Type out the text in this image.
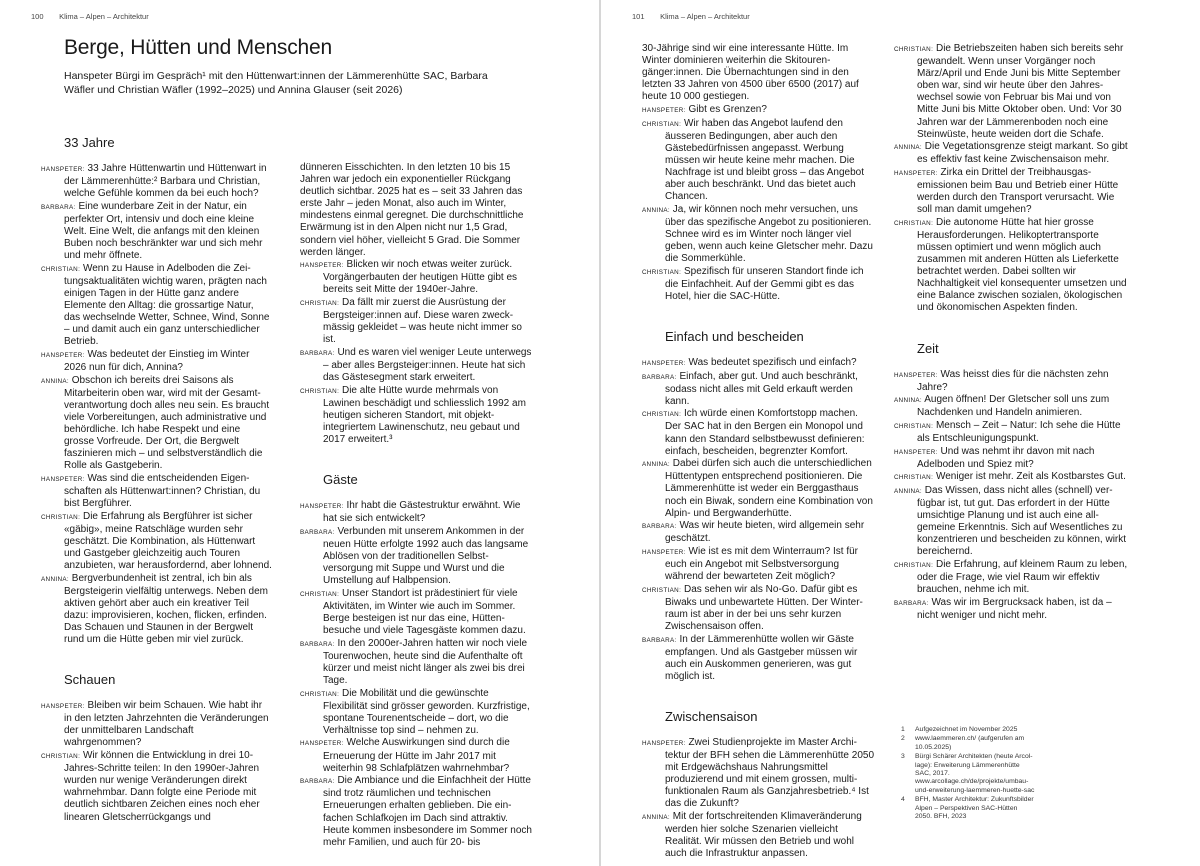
100 Klima – Alpen – Architektur
Berge, Hütten und Menschen

Hanspeter Bürgi im Gespräch¹ mit den Hüttenwart:innen der Lämmerenhütte SAC, Barbara Wäfler und Christian Wäfler (1992–2025) und Annina Glauser (seit 2026)

33 Jahre

HANSPETER: 33 Jahre Hüttenwartin und Hüttenwart in der Lämmerenhütte:² Barbara und Christian, welche Gefühle kommen da bei euch hoch?

BARBARA: Eine wunderbare Zeit in der Natur, ein perfekter Ort, intensiv und doch eine kleine Welt. Eine Welt, die anfangs mit den kleinen Buben noch beschränkter war und sich mehr und mehr öffnete.

CHRISTIAN: Wenn zu Hause in Adelboden die Zeitungsaktualitäten wichtig waren, prägten nach einigen Tagen in der Hütte ganz andere Elemente den Alltag: die grossartige Natur, das wechselnde Wetter, Schnee, Wind, Sonne – und damit auch ein ganz unterschiedlicher Betrieb.

HANSPETER: Was bedeutet der Einstieg im Winter 2026 nun für dich, Annina?

ANNINA: Obschon ich bereits drei Saisons als Mitarbeiterin oben war, wird mit der Gesamtverantwortung doch alles neu sein. Es braucht viele Vorbereitungen, auch administrative und behördliche. Ich habe Respekt und eine grosse Vorfreude. Der Ort, die Bergwelt faszinieren mich – und selbstverständlich die Rolle als Gastgeberin.

HANSPETER: Was sind die entscheidenden Eigenschaften als Hüttenwart:innen? Christian, du bist Bergführer.

CHRISTIAN: Die Erfahrung als Bergführer ist sicher «gäbig», meine Ratschläge wurden sehr geschätzt. Die Kombination, als Hüttenwart und Gastgeber gleichzeitig auch Touren anzubieten, war herausfordernd, aber lohnend.

ANNINA: Bergverbundenheit ist zentral, ich bin als Bergsteigerin vielfältig unterwegs. Neben dem aktiven gehört aber auch ein kreativer Teil dazu: improvisieren, kochen, flicken, erfinden. Das Schauen und Staunen in der Bergwelt rund um die Hütte geben mir viel zurück.

Schauen

HANSPETER: Bleiben wir beim Schauen. Wie habt ihr in den letzten Jahrzehnten die Veränderungen der unmittelbaren Landschaft wahrgenommen?

CHRISTIAN: Wir können die Entwicklung in drei 10-Jahres-Schritte teilen: In den 1990er-Jahren wurden nur wenige Veränderungen direkt wahrnehmbar. Dann folgte eine Periode mit deutlich sichtbaren Zeichen eines noch eher linearen Gletscherrückgangs und

dünneren Eisschichten. In den letzten 10 bis 15 Jahren war jedoch ein exponentieller Rückgang deutlich sichtbar. 2025 hat es – seit 33 Jahren das erste Jahr – jeden Monat, also auch im Winter, mindestens einmal geregnet. Die durchschnittliche Erwärmung ist in den Alpen nicht nur 1,5 Grad, sondern viel höher, vielleicht 5 Grad. Die Sommer werden länger.

HANSPETER: Blicken wir noch etwas weiter zurück. Vorgängerbauten der heutigen Hütte gibt es bereits seit Mitte der 1940er-Jahre.

CHRISTIAN: Da fällt mir zuerst die Ausrüstung der Bergsteiger:innen auf. Diese waren zweckmässig gekleidet – was heute nicht immer so ist.

BARBARA: Und es waren viel weniger Leute unterwegs – aber alles Bergsteiger:innen. Heute hat sich das Gästesegment stark erweitert.

CHRISTIAN: Die alte Hütte wurde mehrmals von Lawinen beschädigt und schliesslich 1992 am heutigen sicheren Standort, mit objektintegriertem Lawinenschutz, neu gebaut und 2017 erweitert.³

Gäste

HANSPETER: Ihr habt die Gästestruktur erwähnt. Wie hat sie sich entwickelt?

BARBARA: Verbunden mit unserem Ankommen in der neuen Hütte erfolgte 1992 auch das langsame Ablösen von der traditionellen Selbstversorgung mit Suppe und Wurst und die Umstellung auf Halbpension.

CHRISTIAN: Unser Standort ist prädestiniert für viele Aktivitäten, im Winter wie auch im Sommer. Berge besteigen ist nur das eine, Hüttenbesuche und viele Tagesgäste kommen dazu.

BARBARA: In den 2000er-Jahren hatten wir noch viele Tourenwochen, heute sind die Aufenthalte oft kürzer und meist nicht länger als zwei bis drei Tage.

CHRISTIAN: Die Mobilität und die gewünschte Flexibilität sind grösser geworden. Kurzfristige, spontane Tourenentscheide – dort, wo die Verhältnisse top sind – nehmen zu.

HANSPETER: Welche Auswirkungen sind durch die Erneuerung der Hütte im Jahr 2017 mit weiterhin 98 Schlafplätzen wahrnehmbar?

BARBARA: Die Ambiance und die Einfachheit der Hütte sind trotz räumlichen und technischen Erneuerungen erhalten geblieben. Die einfachen Schlafkojen im Dach sind attraktiv. Heute kommen insbesondere im Sommer noch mehr Familien, und auch für 20- bis

101 Klima – Alpen – Architektur

30-Jährige sind wir eine interessante Hütte. Im Winter dominieren weiterhin die Skitourengänger:innen. Die Übernachtungen sind in den letzten 33 Jahren von 4500 über 6500 (2017) auf heute 10 000 gestiegen.

HANSPETER: Gibt es Grenzen?

CHRISTIAN: Wir haben das Angebot laufend den äusseren Bedingungen, aber auch den Gästebedürfnissen angepasst. Werbung müssen wir heute keine mehr machen. Die Nachfrage ist und bleibt gross – das Angebot aber auch beschränkt. Und das bietet auch Chancen.

ANNINA: Ja, wir können noch mehr versuchen, uns über das spezifische Angebot zu positionieren. Schnee wird es im Winter noch länger viel geben, wenn auch keine Gletscher mehr. Dazu die Sommerkühle.

CHRISTIAN: Spezifisch für unseren Standort finde ich die Einfachheit. Auf der Gemmi gibt es das Hotel, hier die SAC-Hütte.

Einfach und bescheiden

HANSPETER: Was bedeutet spezifisch und einfach?

BARBARA: Einfach, aber gut. Und auch beschränkt, sodass nicht alles mit Geld erkauft werden kann.

CHRISTIAN: Ich würde einen Komfortstopp machen. Der SAC hat in den Bergen ein Monopol und kann den Standard selbstbewusst definieren: einfach, bescheiden, begrenzter Komfort.

ANNINA: Dabei dürfen sich auch die unterschiedlichen Hüttentypen entsprechend positionieren. Die Lämmerenhütte ist weder ein Berggasthaus noch ein Biwak, sondern eine Kombination von Alpin- und Bergwanderhütte.

BARBARA: Was wir heute bieten, wird allgemein sehr geschätzt.

HANSPETER: Wie ist es mit dem Winterraum? Ist für euch ein Angebot mit Selbstversorgung während der bewarteten Zeit möglich?

CHRISTIAN: Das sehen wir als No-Go. Dafür gibt es Biwaks und unbewartete Hütten. Der Winterraum ist aber in der bei uns sehr kurzen Zwischensaison offen.

BARBARA: In der Lämmerenhütte wollen wir Gäste empfangen. Und als Gastgeber müssen wir auch ein Auskommen generieren, was gut möglich ist.

Zwischensaison

HANSPETER: Zwei Studienprojekte im Master Architektur der BFH sehen die Lämmerenhütte 2050 mit Erdgewächshaus Nahrungsmittel produzierend und mit einem grossen, multifunktionalen Raum als Ganzjahresbetrieb.⁴ Ist das die Zukunft?

ANNINA: Mit der fortschreitenden Klimaveränderung werden hier solche Szenarien vielleicht Realität. Wir müssen den Betrieb und wohl auch die Infrastruktur anpassen.

CHRISTIAN: Die Betriebszeiten haben sich bereits sehr gewandelt. Wenn unser Vorgänger noch März/April und Ende Juni bis Mitte September oben war, sind wir heute über den Jahreswechsel sowie von Februar bis Mai und von Mitte Juni bis Mitte Oktober oben. Und: Vor 30 Jahren war der Lämmerenboden noch eine Steinwüste, heute weiden dort die Schafe.

ANNINA: Die Vegetationsgrenze steigt markant. So gibt es effektiv fast keine Zwischensaison mehr.

HANSPETER: Zirka ein Drittel der Treibhausgasemissionen beim Bau und Betrieb einer Hütte werden durch den Transport verursacht. Wie soll man damit umgehen?

CHRISTIAN: Die autonome Hütte hat hier grosse Herausforderungen. Helikoptertransporte müssen optimiert und wenn möglich auch zusammen mit anderen Hütten als Lieferkette betrachtet werden. Dabei sollten wir Nachhaltigkeit viel konsequenter umsetzen und eine Balance zwischen sozialen, ökologischen und ökonomischen Aspekten finden.

Zeit

HANSPETER: Was heisst dies für die nächsten zehn Jahre?

ANNINA: Augen öffnen! Der Gletscher soll uns zum Nachdenken und Handeln animieren.

CHRISTIAN: Mensch – Zeit – Natur: Ich sehe die Hütte als Entschleunigungspunkt.

HANSPETER: Und was nehmt ihr davon mit nach Adelboden und Spiez mit?

CHRISTIAN: Weniger ist mehr. Zeit als Kostbarstes Gut.

ANNINA: Das Wissen, dass nicht alles (schnell) verfügbar ist, tut gut. Das erfordert in der Hütte umsichtige Planung und ist auch eine allgemeine Erkenntnis. Sich auf Wesentliches zu konzentrieren und bescheiden zu können, wirkt bereichernd.

CHRISTIAN: Die Erfahrung, auf kleinem Raum zu leben, oder die Frage, wie viel Raum wir effektiv brauchen, nehme ich mit.

BARBARA: Was wir im Bergrucksack haben, ist da – nicht weniger und nicht mehr.

1	Aufgezeichnet im November 2025
2	www.laemmeren.ch/ (aufgerufen am 10.05.2025)
3	Bürgi Schärer Architekten (heute Arcollage): Erweiterung Lämmerenhütte SAC, 2017. www.arcollage.ch/de/projekte/umbau-und-erweiterung-laemmeren-huette-sac
4	BFH, Master Architektur: Zukunftsbilder Alpen – Perspektiven SAC-Hütten 2050. BFH, 2023
